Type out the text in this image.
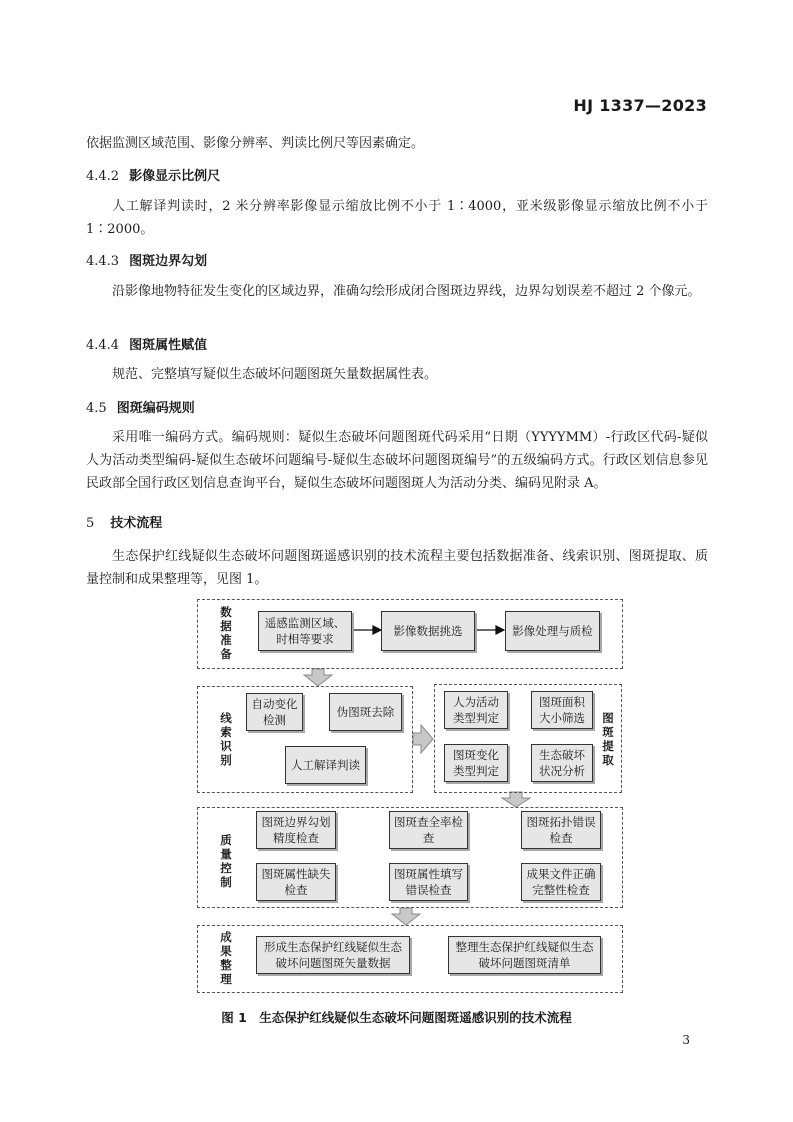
HJ 1337—2023

依据监测区域范围、影像分辨率、判读比例尺等因素确定。

4.4.2 影像显示比例尺

人工解译判读时，2 米分辨率影像显示缩放比例不小于 1∶4000，亚米级影像显示缩放比例不小于 1∶2000。

4.4.3 图斑边界勾划

沿影像地物特征发生变化的区域边界，准确勾绘形成闭合图斑边界线，边界勾划误差不超过 2 个像元。

4.4.4 图斑属性赋值

规范、完整填写疑似生态破坏问题图斑矢量数据属性表。

4.5 图斑编码规则

采用唯一编码方式。编码规则：疑似生态破坏问题图斑代码采用“日期（YYYYMM）-行政区代码-疑似人为活动类型编码-疑似生态破坏问题编号-疑似生态破坏问题图斑编号”的五级编码方式。行政区划信息参见民政部全国行政区划信息查询平台，疑似生态破坏问题图斑人为活动分类、编码见附录 A。

5 技术流程

生态保护红线疑似生态破坏问题图斑遥感识别的技术流程主要包括数据准备、线索识别、图斑提取、质量控制和成果整理等，见图 1。

数据准备
遥感监测区域、时相等要求
影像数据挑选	影像处理与质检
线索识别
自动变化检测
伪图斑去除
人工解译判读
图斑提取
人为活动类型判定
图斑面积大小筛选
图斑变化类型判定
生态破坏状况分析
质量控制
图斑边界勾划精度检查
图斑查全率检查
图斑拓扑错误检查
图斑属性缺失检查
图斑属性填写错误检查
成果文件正确完整性检查
成果整理
形成生态保护红线疑似生态破坏问题图斑矢量数据
整理生态保护红线疑似生态破坏问题图斑清单
图 1　生态保护红线疑似生态破坏问题图斑遥感识别的技术流程
3
